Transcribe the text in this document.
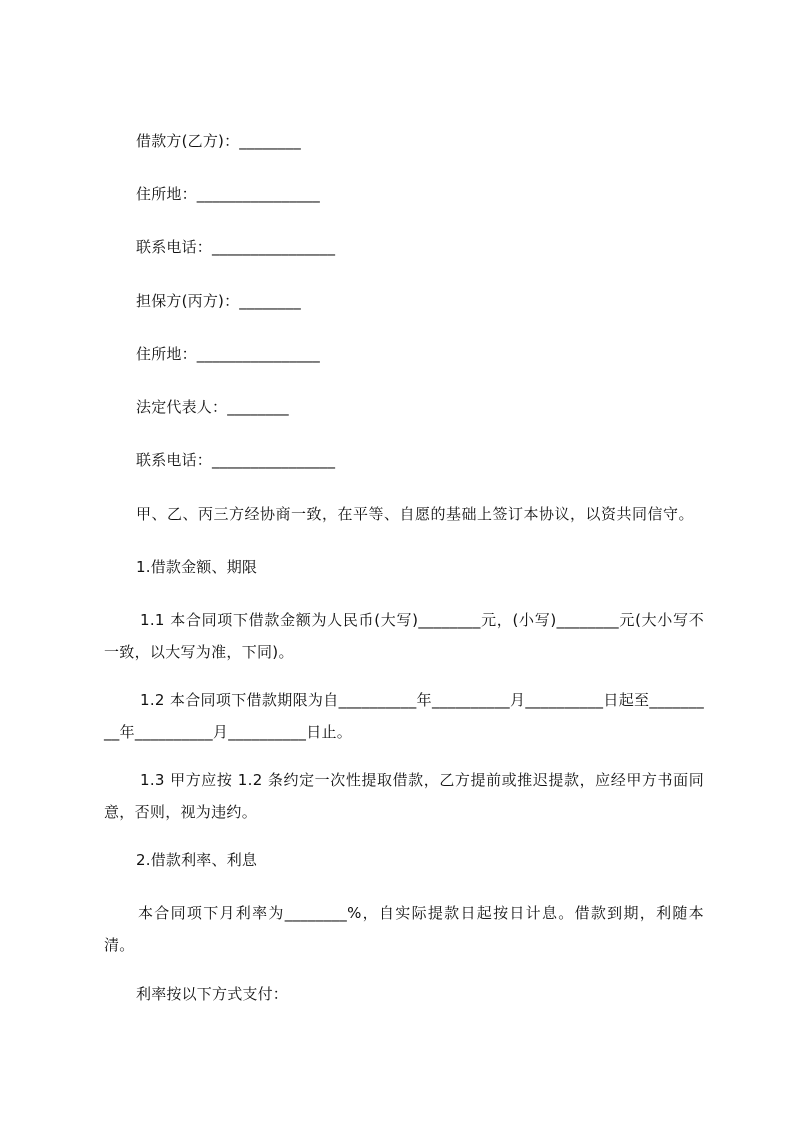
借款方(乙方)：________
住所地：________________
联系电话：________________
担保方(丙方)：________
住所地：________________
法定代表人：________
联系电话：________________
甲、乙、丙三方经协商一致，在平等、自愿的基础上签订本协议，以资共同信守。
1.借款金额、期限
1.1 本合同项下借款金额为人民币(大写)________元，(小写)________元(大小写不一致，以大写为准，下同)。
1.2 本合同项下借款期限为自__________年__________月__________日起至_________年__________月__________日止。
1.3 甲方应按 1.2 条约定一次性提取借款，乙方提前或推迟提款，应经甲方书面同意，否则，视为违约。
2.借款利率、利息
本合同项下月利率为________%，自实际提款日起按日计息。借款到期，利随本清。
利率按以下方式支付：
